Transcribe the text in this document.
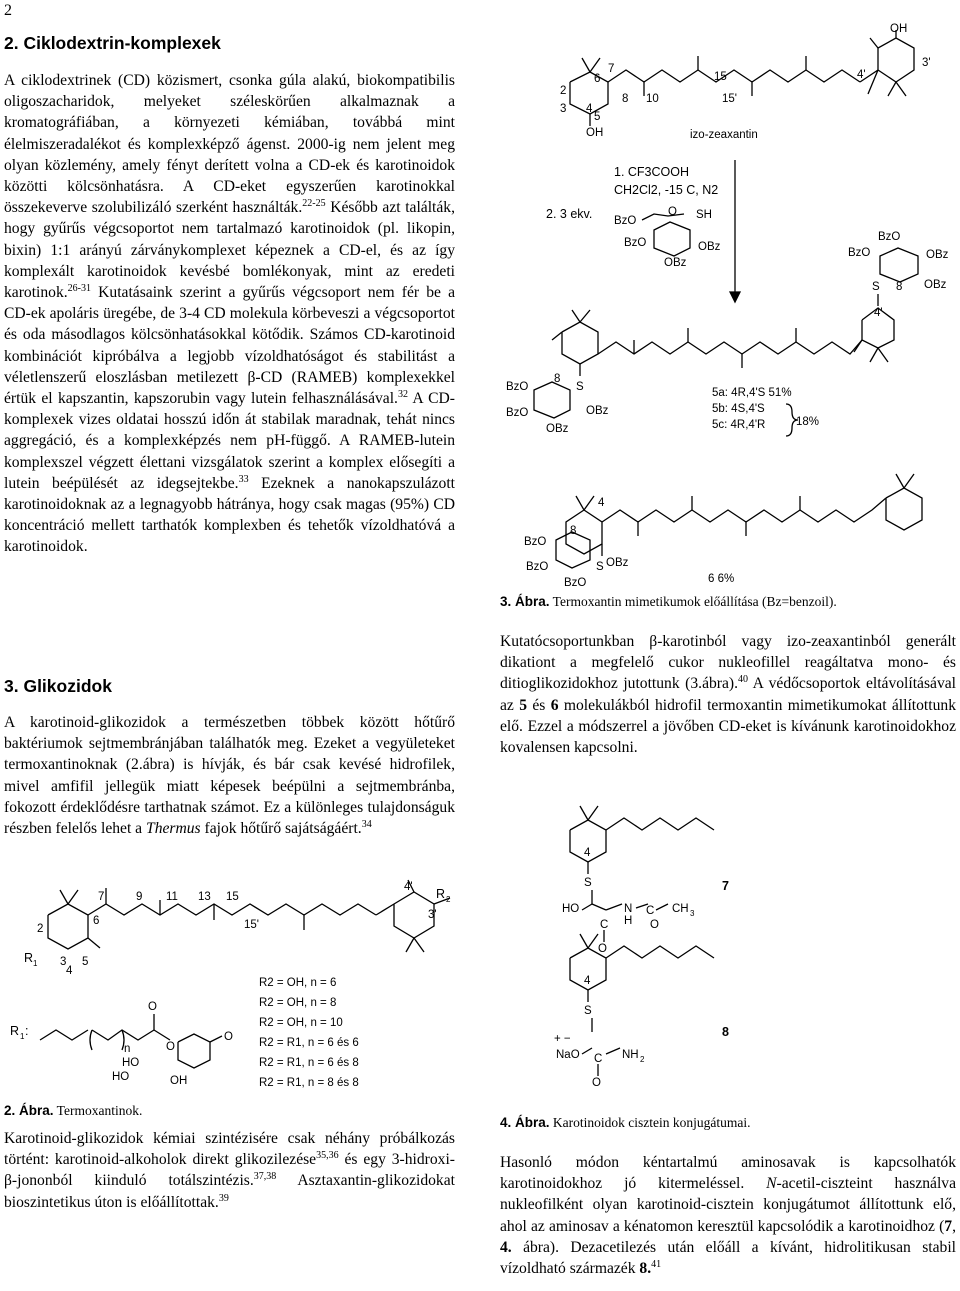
2
2. Ciklodextrin-komplexek

A ciklodextrinek (CD) közismert, csonka gúla alakú, biokompatibilis oligoszacharidok, melyeket széleskörűen alkalmaznak a kromatográfiában, a környezeti kémiában, továbbá mint élelmiszeradalékot és komplexképző ágenst. 2000-ig nem jelent meg olyan közlemény, amely fényt derített volna a CD-ek és karotinoidok közötti kölcsönhatásra. A CD-eket egyszerűen karotinokkal összekeverve szolubilizáló szerként használták.$^{22-25}$ Később azt találták, hogy gyűrűs végcsoportot nem tartalmazó karotinoidok (pl. likopin, bixin) 1:1 arányú zárványkomplexet képeznek a CD-el, és az így komplexált karotinoidok kevésbé bomlékonyak, mint az eredeti karotinok.$^{26-31}$ Kutatásaink szerint a gyűrűs végcsoport nem fér be a CD-ek apoláris üregébe, de 3-4 CD molekula körbeveszi a végcsoportot és oda másodlagos kölcsönhatásokkal kötődik. Számos CD-karotinoid kombinációt kipróbálva a legjobb vízoldhatóságot és stabilitást a véletlenszerű eloszlásban metilezett β-CD (RAMEB) komplexekkel értük el kapszantin, kapszorubin vagy lutein felhasználásával.$^{32}$ A CD-komplexek vizes oldatai hosszú időn át stabilak maradnak, tehát nincs aggregáció, és a komplexképzés nem pH-függő. A RAMEB-lutein komplexszel végzett élettani vizsgálatok szerint a komplex elősegíti a lutein beépülését az idegsejtekbe.$^{33}$ Ezeknek a nanokapszulázott karotinoidoknak az a legnagyobb hátránya, hogy csak magas (95%) CD koncentráció mellett tarthatók komplexben és tehetők vízoldhatóvá a karotinoidok.

3. Glikozidok

A karotinoid-glikozidok a természetben többek között hőtűrő baktériumok sejtmembránjában találhatók meg. Ezeket a vegyületeket termoxantinoknak (2.ábra) is hívják, és bár csak kevésé hidrofilek, mivel amfifil jellegük miatt képesek beépülni a sejtmembránba, fokozott érdeklődésre tarthatnak számot. Ez a különleges tulajdonságuk részben felelős lehet a Thermus fajok hőtűrő sajátságáért.$^{34}$

2
R 1 3
4
5
6
7	9 11 13 15
15'
4'
3'
R 2
R 1 :
n
O
O
HO
HO	OH
O
R2 = OH, n = 6
R2 = OH, n = 8
R2 = OH, n = 10
R2 = R1, n = 6 és 6
R2 = R1, n = 6 és 8
R2 = R1, n = 8 és 8
2. Ábra. Termoxantinok.

Karotinoid-glikozidok kémiai szintézisére csak néhány próbálkozás történt: karotinoid-alkoholok direkt glikozilezése$^{35,36}$ és egy 3-hidroxi-β-jononból kiinduló totálszintézis.$^{37,38}$ Asztaxantin-glikozidokat bioszintetikus úton is előállítottak.$^{39}$

OH
4'
3'
15
15'
2
3 4
5
6
7
8 10
OH	izo-zeaxantin
1. CF3COOH
CH2Cl2, -15 C, N2
2. 3 ekv. BzO
O SH
BzO	OBz
OBz
BzO
BzO	OBz
OBz
S 8
4'
S
BzO
8
BzO	OBz
OBz
5a: 4R,4'S 51%
5b: 4S,4'S
5c: 4R,4'R	18%
4
S
BzO
8
BzO	OBz
BzO	6 6%
3. Ábra. Termoxantin mimetikumok előállítása (Bz=benzoil).

Kutatócsoportunkban β-karotinból vagy izo-zeaxantinból generált dikationt a megfelelő cukor nukleofillel reagáltatva mono- és ditioglikozidokhoz jutottunk (3.ábra).$^{40}$ A védőcsoportok eltávolításával az 5 és 6 molekulákból hidrofil termoxantin mimetikumokat állítottunk elő. Ezzel a módszerrel a jövőben CD-eket is kívánunk karotinoidokhoz kovalensen kapcsolni.

4
S
HO
C
O
N
H
C
O
CH 3
7
4
S
+ −
NaO C
O
NH 2
8
4. Ábra. Karotinoidok cisztein konjugátumai.

Hasonló módon kéntartalmú aminosavak is kapcsolhatók karotinoidokhoz jó kitermeléssel. N-acetil-ciszteint használva nukleofilként olyan karotinoid-cisztein konjugátumot állítottunk elő, ahol az aminosav a kénatomon keresztül kapcsolódik a karotinoidhoz (7, 4. ábra). Dezacetilezés után előáll a kívánt, hidrolitikusan stabil vízoldható származék 8.41
